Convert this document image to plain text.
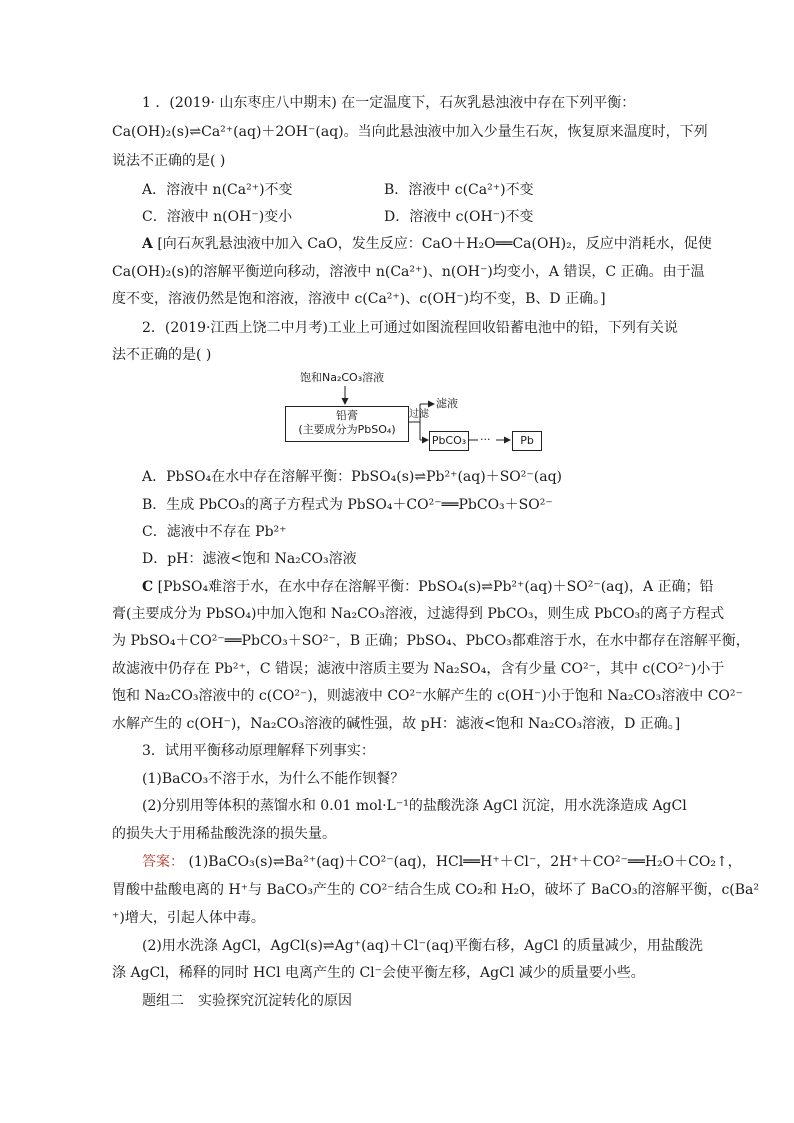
1 ．(2019· 山东枣庄八中期末) 在一定温度下，石灰乳悬浊液中存在下列平衡：
Ca(OH)₂(s)⇌Ca²⁺(aq)＋2OH⁻(aq)。当向此悬浊液中加入少量生石灰，恢复原来温度时，下列
说法不正确的是( )
A．溶液中 n(Ca²⁺)不变	B．溶液中 c(Ca²⁺)不变
C．溶液中 n(OH⁻)变小	D．溶液中 c(OH⁻)不变
A [向石灰乳悬浊液中加入 CaO，发生反应：CaO＋H₂O══Ca(OH)₂，反应中消耗水，促使
Ca(OH)₂(s)的溶解平衡逆向移动，溶液中 n(Ca²⁺)、n(OH⁻)均变小，A 错误，C 正确。由于温
度不变，溶液仍然是饱和溶液，溶液中 c(Ca²⁺)、c(OH⁻)均不变，B、D 正确。]
2．(2019·江西上饶二中月考)工业上可通过如图流程回收铅蓄电池中的铅，下列有关说
法不正确的是( )
饱和Na₂CO₃溶液
铅膏
(主要成分为PbSO₄)
过滤
滤液
PbCO₃ ···	Pb
A．PbSO₄在水中存在溶解平衡：PbSO₄(s)⇌Pb²⁺(aq)＋SO²⁻(aq)
B．生成 PbCO₃的离子方程式为 PbSO₄＋CO²⁻══PbCO₃＋SO²⁻
C．滤液中不存在 Pb²⁺
D．pH：滤液<饱和 Na₂CO₃溶液
C [PbSO₄难溶于水，在水中存在溶解平衡：PbSO₄(s)⇌Pb²⁺(aq)＋SO²⁻(aq)，A 正确；铅
膏(主要成分为 PbSO₄)中加入饱和 Na₂CO₃溶液，过滤得到 PbCO₃，则生成 PbCO₃的离子方程式
为 PbSO₄＋CO²⁻══PbCO₃＋SO²⁻，B 正确；PbSO₄、PbCO₃都难溶于水，在水中都存在溶解平衡，
故滤液中仍存在 Pb²⁺，C 错误；滤液中溶质主要为 Na₂SO₄，含有少量 CO²⁻，其中 c(CO²⁻)小于
饱和 Na₂CO₃溶液中的 c(CO²⁻)，则滤液中 CO²⁻水解产生的 c(OH⁻)小于饱和 Na₂CO₃溶液中 CO²⁻
水解产生的 c(OH⁻)，Na₂CO₃溶液的碱性强，故 pH：滤液<饱和 Na₂CO₃溶液，D 正确。]
3．试用平衡移动原理解释下列事实：
(1)BaCO₃不溶于水，为什么不能作钡餐？
(2)分别用等体积的蒸馏水和 0.01 mol·L⁻¹的盐酸洗涤 AgCl 沉淀，用水洗涤造成 AgCl
的损失大于用稀盐酸洗涤的损失量。
答案： (1)BaCO₃(s)⇌Ba²⁺(aq)＋CO²⁻(aq)，HCl══H⁺＋Cl⁻，2H⁺＋CO²⁻══H₂O＋CO₂↑，
胃酸中盐酸电离的 H⁺与 BaCO₃产生的 CO²⁻结合生成 CO₂和 H₂O，破坏了 BaCO₃的溶解平衡，c(Ba²
⁺)增大，引起人体中毒。
(2)用水洗涤 AgCl，AgCl(s)⇌Ag⁺(aq)＋Cl⁻(aq)平衡右移，AgCl 的质量减少，用盐酸洗
涤 AgCl，稀释的同时 HCl 电离产生的 Cl⁻会使平衡左移，AgCl 减少的质量要小些。
题组二　实验探究沉淀转化的原因
